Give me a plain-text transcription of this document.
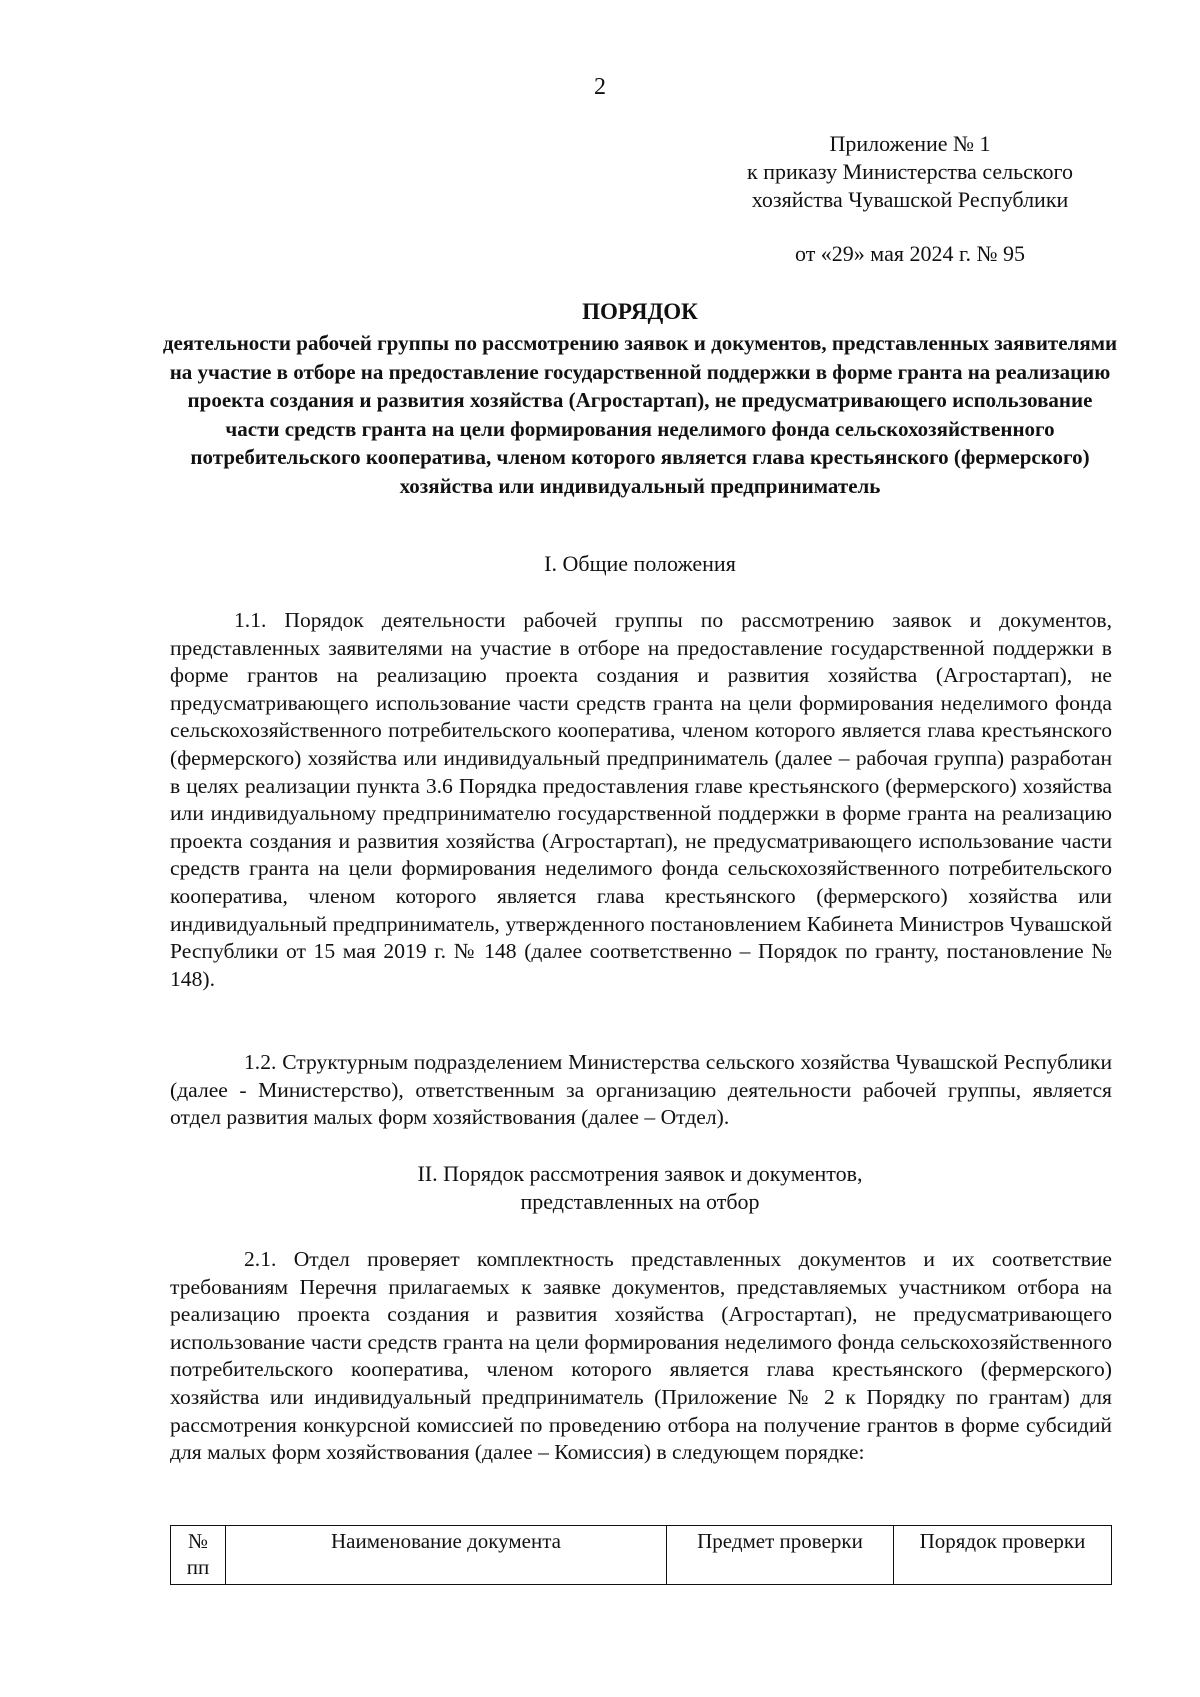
2
Приложение № 1
к приказу Министерства сельского
хозяйства Чувашской Республики
от «29» мая 2024 г. № 95

ПОРЯДОК

деятельности рабочей группы по рассмотрению заявок и документов, представленных заявителями на участие в отборе на предоставление государственной поддержки в форме гранта на реализацию проекта создания и развития хозяйства (Агростартап), не предусматривающего использование части средств гранта на цели формирования неделимого фонда сельскохозяйственного потребительского кооператива, членом которого является глава крестьянского (фермерского) хозяйства или индивидуальный предприниматель

I. Общие положения

1.1. Порядок деятельности рабочей группы по рассмотрению заявок и документов, представленных заявителями на участие в отборе на предоставление государственной поддержки в форме грантов на реализацию проекта создания и развития хозяйства (Агростартап), не предусматривающего использование части средств гранта на цели формирования неделимого фонда сельскохозяйственного потребительского кооператива, членом которого является глава крестьянского (фермерского) хозяйства или индивидуальный предприниматель (далее – рабочая группа) разработан в целях реализации пункта 3.6 Порядка предоставления главе крестьянского (фермерского) хозяйства или индивидуальному предпринимателю государственной поддержки в форме гранта на реализацию проекта создания и развития хозяйства (Агростартап), не предусматривающего использование части средств гранта на цели формирования неделимого фонда сельскохозяйственного потребительского кооператива, членом которого является глава крестьянского (фермерского) хозяйства или индивидуальный предприниматель, утвержденного постановлением Кабинета Министров Чувашской Республики от 15 мая 2019 г. № 148 (далее соответственно – Порядок по гранту, постановление № 148).

1.2. Структурным подразделением Министерства сельского хозяйства Чувашской Республики (далее - Министерство), ответственным за организацию деятельности рабочей группы, является отдел развития малых форм хозяйствования (далее – Отдел).

II. Порядок рассмотрения заявок и документов,
представленных на отбор

2.1. Отдел проверяет комплектность представленных документов и их соответствие требованиям Перечня прилагаемых к заявке документов, представляемых участником отбора на реализацию проекта создания и развития хозяйства (Агростартап), не предусматривающего использование части средств гранта на цели формирования неделимого фонда сельскохозяйственного потребительского кооператива, членом которого является глава крестьянского (фермерского) хозяйства или индивидуальный предприниматель (Приложение № 2 к Порядку по грантам) для рассмотрения конкурсной комиссией по проведению отбора на получение грантов в форме субсидий для малых форм хозяйствования (далее – Комиссия) в следующем порядке:

№
пп
	Наименование документа	Предмет проверки	Порядок проверки
